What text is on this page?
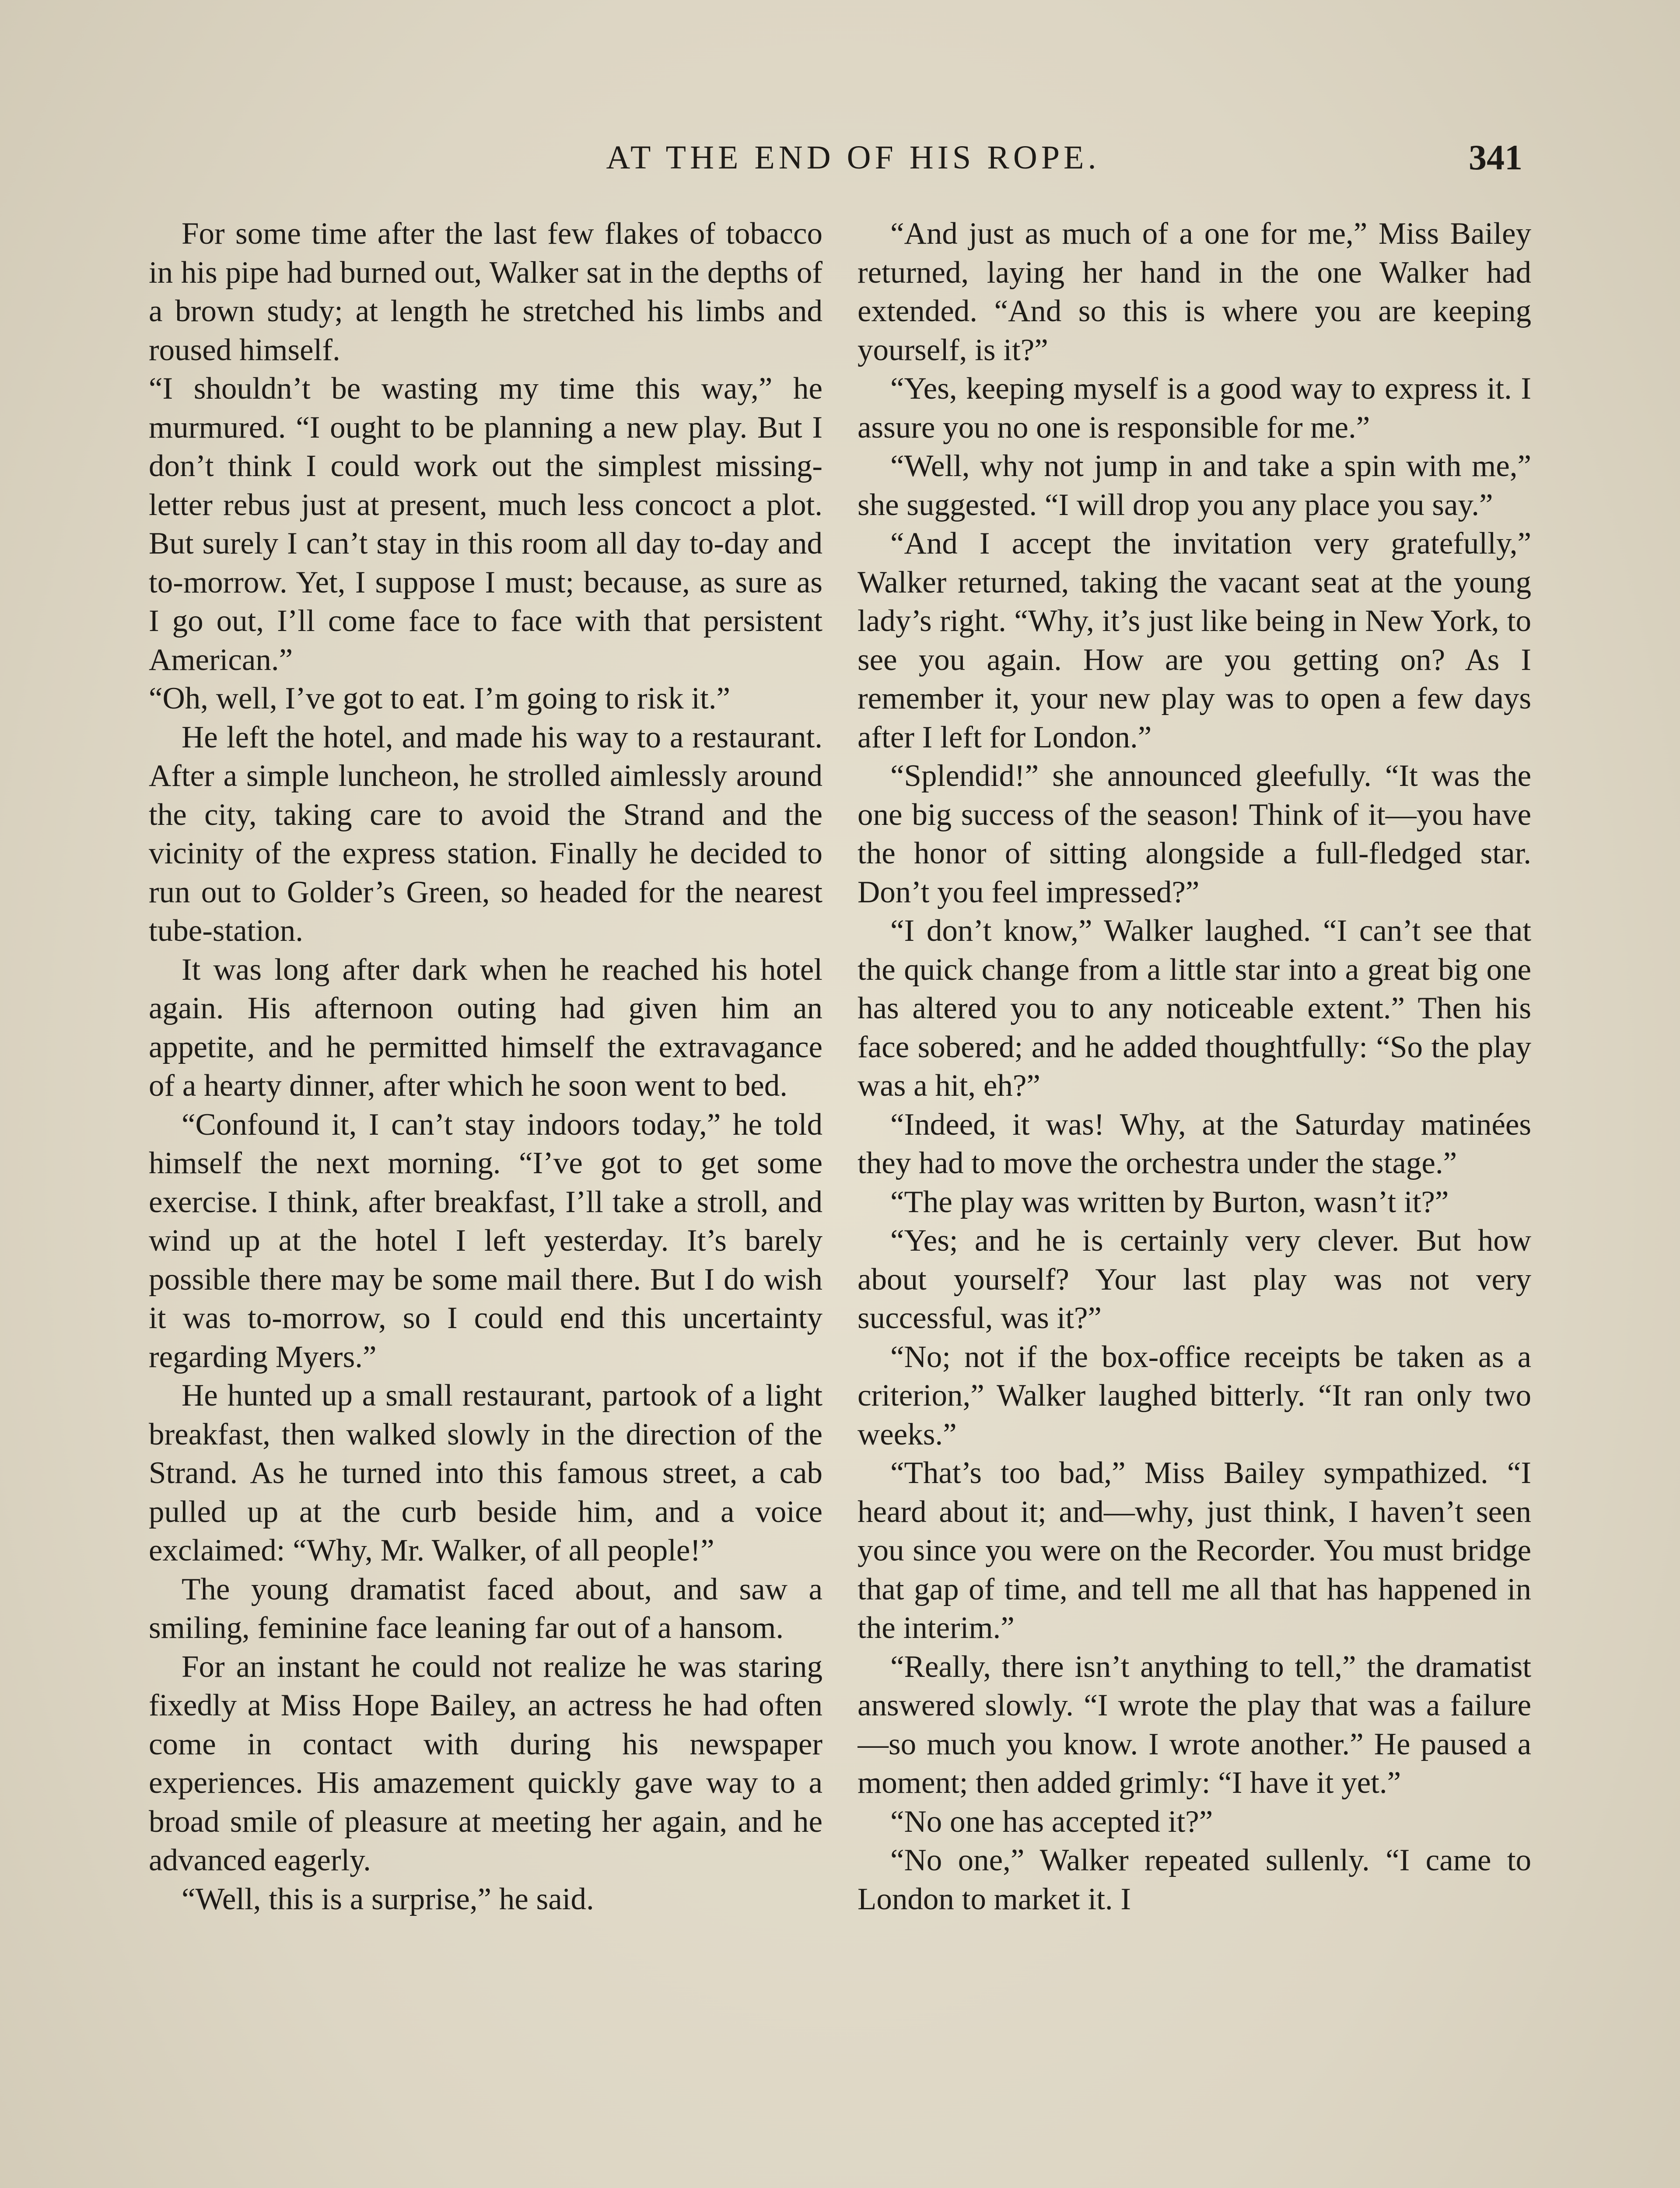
AT THE END OF HIS ROPE.	341

For some time after the last few flakes of tobacco in his pipe had burned out, Walker sat in the depths of a brown study; at length he stretched his limbs and roused himself.

“I shouldn’t be wasting my time this way,” he murmured. “I ought to be planning a new play. But I don’t think I could work out the simplest missing-letter rebus just at present, much less concoct a plot. But surely I can’t stay in this room all day to-day and to-morrow. Yet, I suppose I must; because, as sure as I go out, I’ll come face to face with that persistent American.”

“Oh, well, I’ve got to eat. I’m going to risk it.”

He left the hotel, and made his way to a restaurant. After a simple luncheon, he strolled aimlessly around the city, taking care to avoid the Strand and the vicinity of the express station. Finally he decided to run out to Golder’s Green, so headed for the nearest tube-station.

It was long after dark when he reached his hotel again. His afternoon outing had given him an appetite, and he permitted himself the extravagance of a hearty dinner, after which he soon went to bed.

“Confound it, I can’t stay indoors today,” he told himself the next morning. “I’ve got to get some exercise. I think, after breakfast, I’ll take a stroll, and wind up at the hotel I left yesterday. It’s barely possible there may be some mail there. But I do wish it was to-morrow, so I could end this uncertainty regarding Myers.”

He hunted up a small restaurant, partook of a light breakfast, then walked slowly in the direction of the Strand. As he turned into this famous street, a cab pulled up at the curb beside him, and a voice exclaimed: “Why, Mr. Walker, of all people!”

The young dramatist faced about, and saw a smiling, feminine face leaning far out of a hansom.

For an instant he could not realize he was staring fixedly at Miss Hope Bailey, an actress he had often come in contact with during his newspaper experiences. His amazement quickly gave way to a broad smile of pleasure at meeting her again, and he advanced eagerly.

“Well, this is a surprise,” he said.

“And just as much of a one for me,” Miss Bailey returned, laying her hand in the one Walker had extended. “And so this is where you are keeping yourself, is it?”

“Yes, keeping myself is a good way to express it. I assure you no one is responsible for me.”

“Well, why not jump in and take a spin with me,” she suggested. “I will drop you any place you say.”

“And I accept the invitation very gratefully,” Walker returned, taking the vacant seat at the young lady’s right. “Why, it’s just like being in New York, to see you again. How are you getting on? As I remember it, your new play was to open a few days after I left for London.”

“Splendid!” she announced gleefully. “It was the one big success of the season! Think of it—you have the honor of sitting alongside a full-fledged star. Don’t you feel impressed?”

“I don’t know,” Walker laughed. “I can’t see that the quick change from a little star into a great big one has altered you to any noticeable extent.” Then his face sobered; and he added thoughtfully: “So the play was a hit, eh?”

“Indeed, it was! Why, at the Saturday matinées they had to move the orchestra under the stage.”

“The play was written by Burton, wasn’t it?”

“Yes; and he is certainly very clever. But how about yourself? Your last play was not very successful, was it?”

“No; not if the box-office receipts be taken as a criterion,” Walker laughed bitterly. “It ran only two weeks.”

“That’s too bad,” Miss Bailey sympathized. “I heard about it; and—why, just think, I haven’t seen you since you were on the Recorder. You must bridge that gap of time, and tell me all that has happened in the interim.”

“Really, there isn’t anything to tell,” the dramatist answered slowly. “I wrote the play that was a failure—so much you know. I wrote another.” He paused a moment; then added grimly: “I have it yet.”

“No one has accepted it?”

“No one,” Walker repeated sullenly. “I came to London to market it. I
